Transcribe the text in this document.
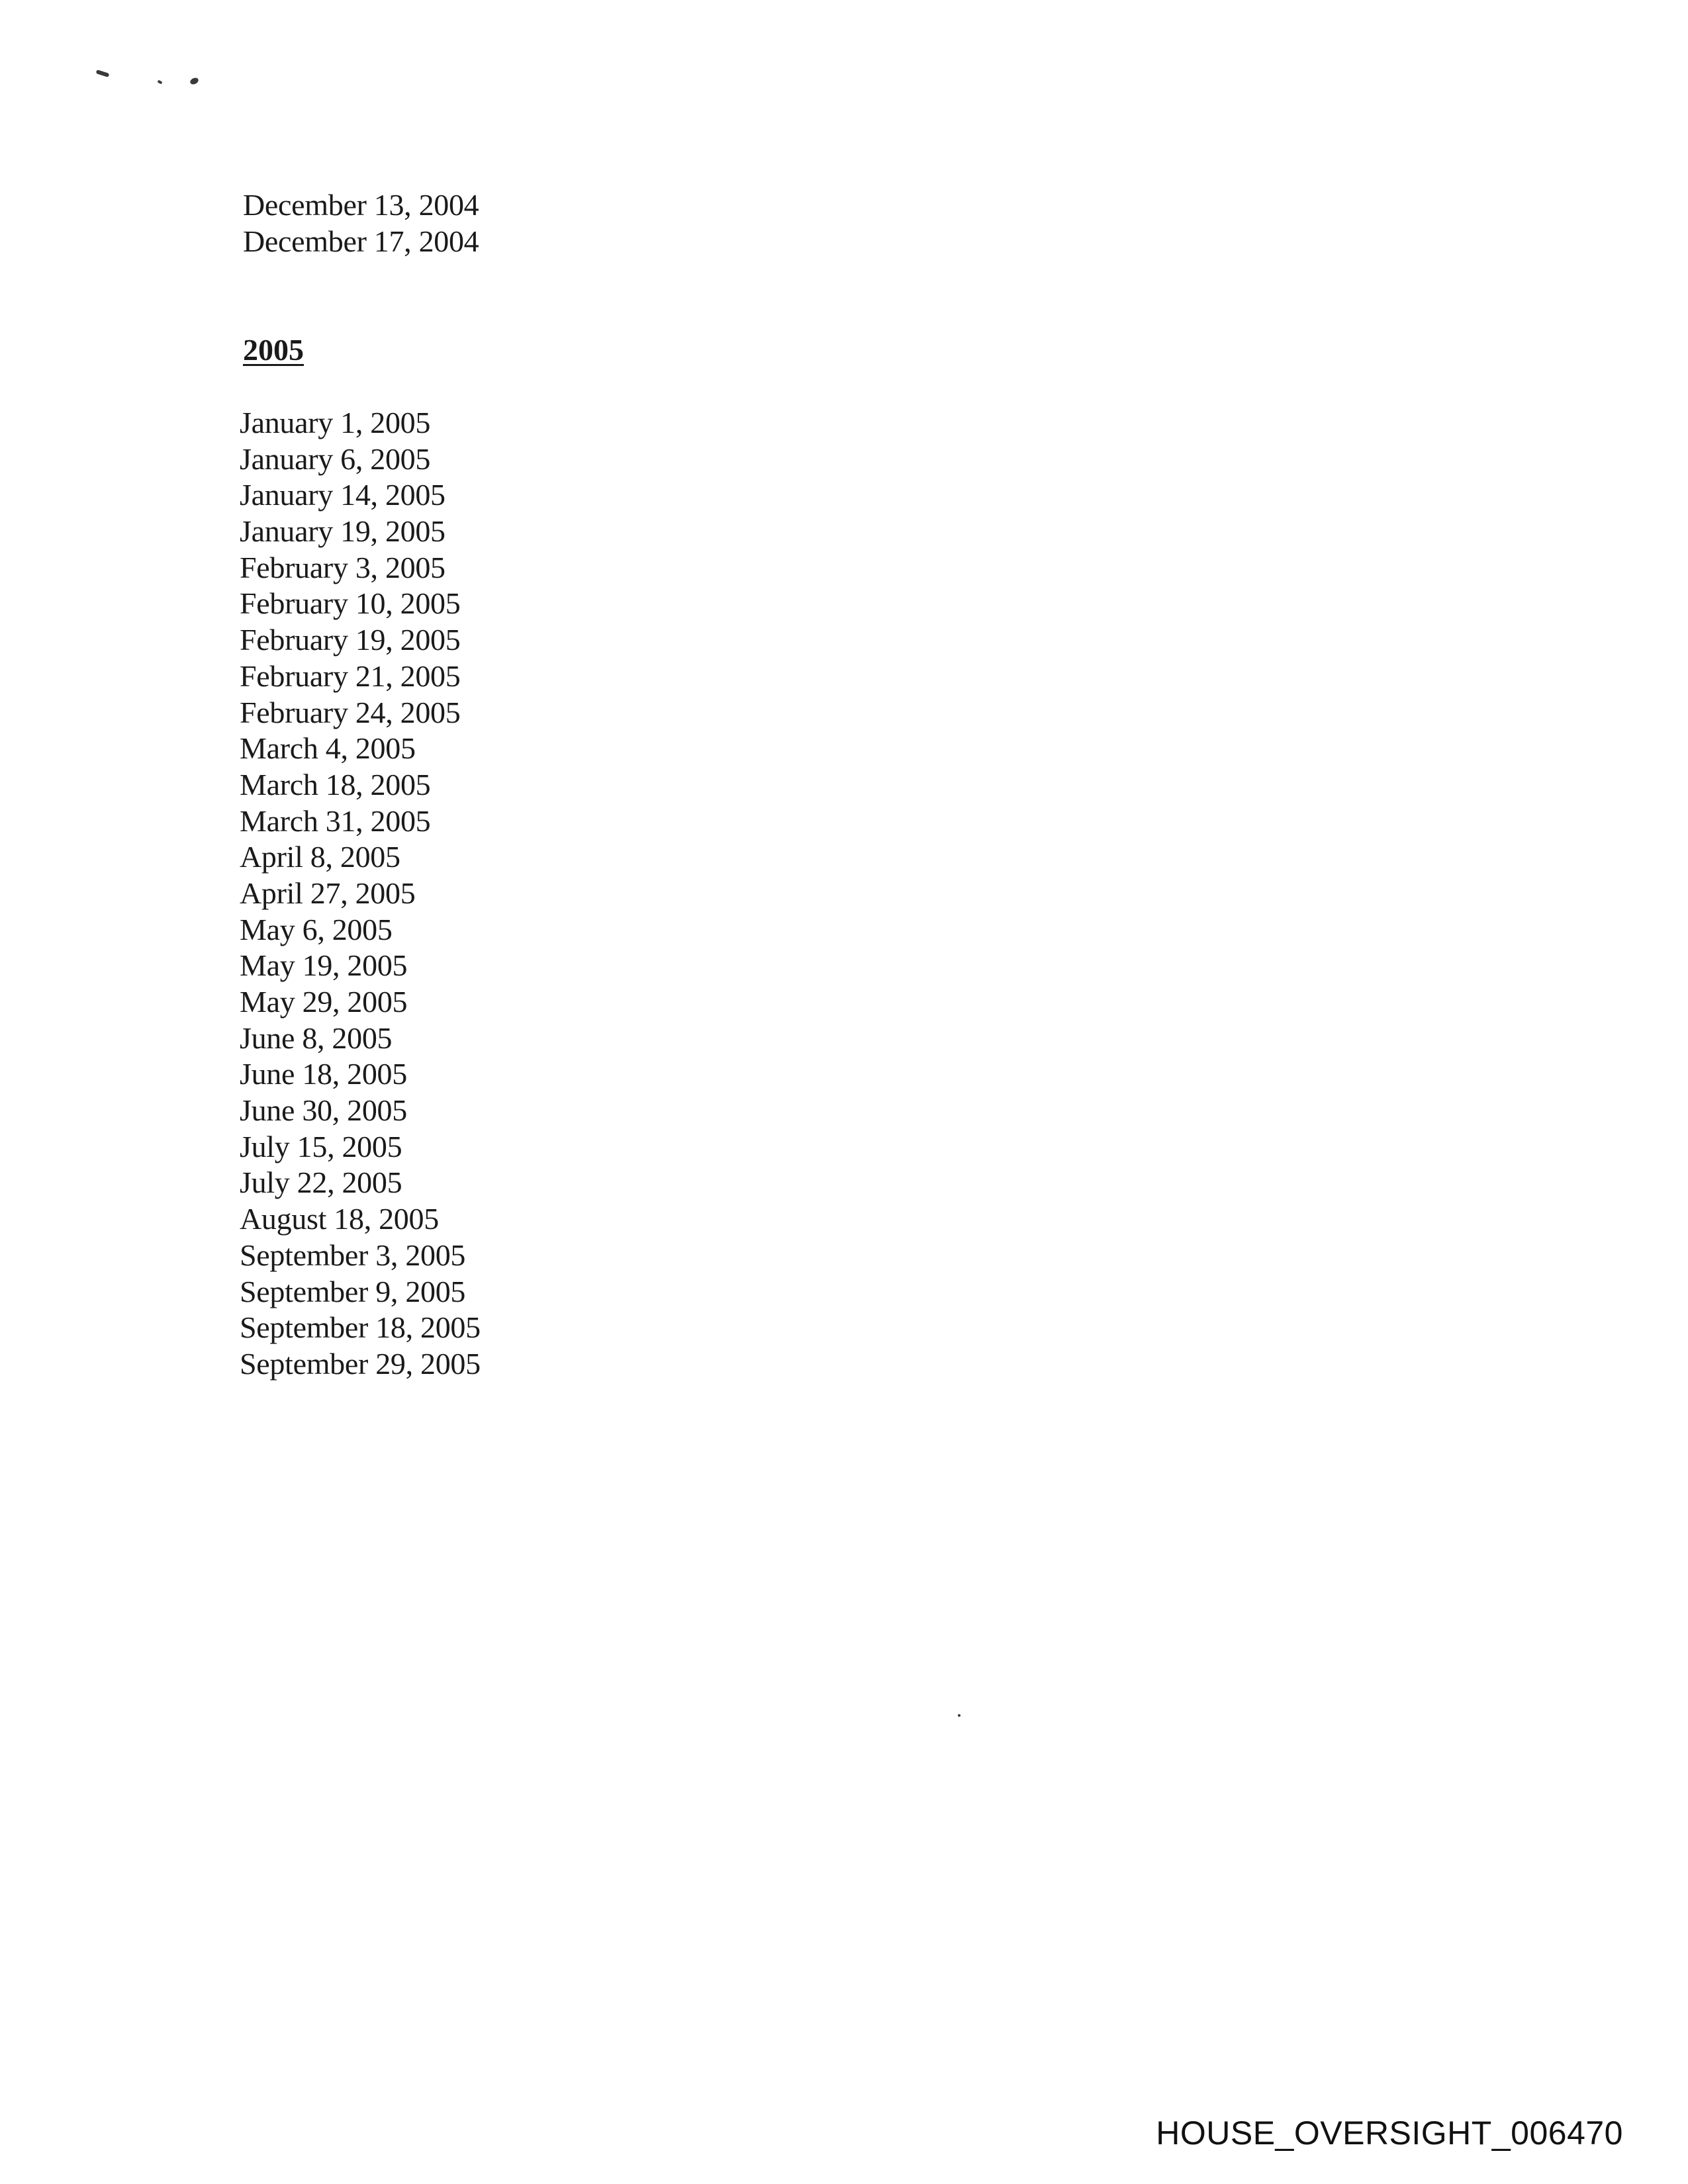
December 13, 2004
December 17, 2004
2005
January 1, 2005
January 6, 2005
January 14, 2005
January 19, 2005
February 3, 2005
February 10, 2005
February 19, 2005
February 21, 2005
February 24, 2005
March 4, 2005
March 18, 2005
March 31, 2005
April 8, 2005
April 27, 2005
May 6, 2005
May 19, 2005
May 29, 2005
June 8, 2005
June 18, 2005
June 30, 2005
July 15, 2005
July 22, 2005
August 18, 2005
September 3, 2005
September 9, 2005
September 18, 2005
September 29, 2005
HOUSE_OVERSIGHT_006470
